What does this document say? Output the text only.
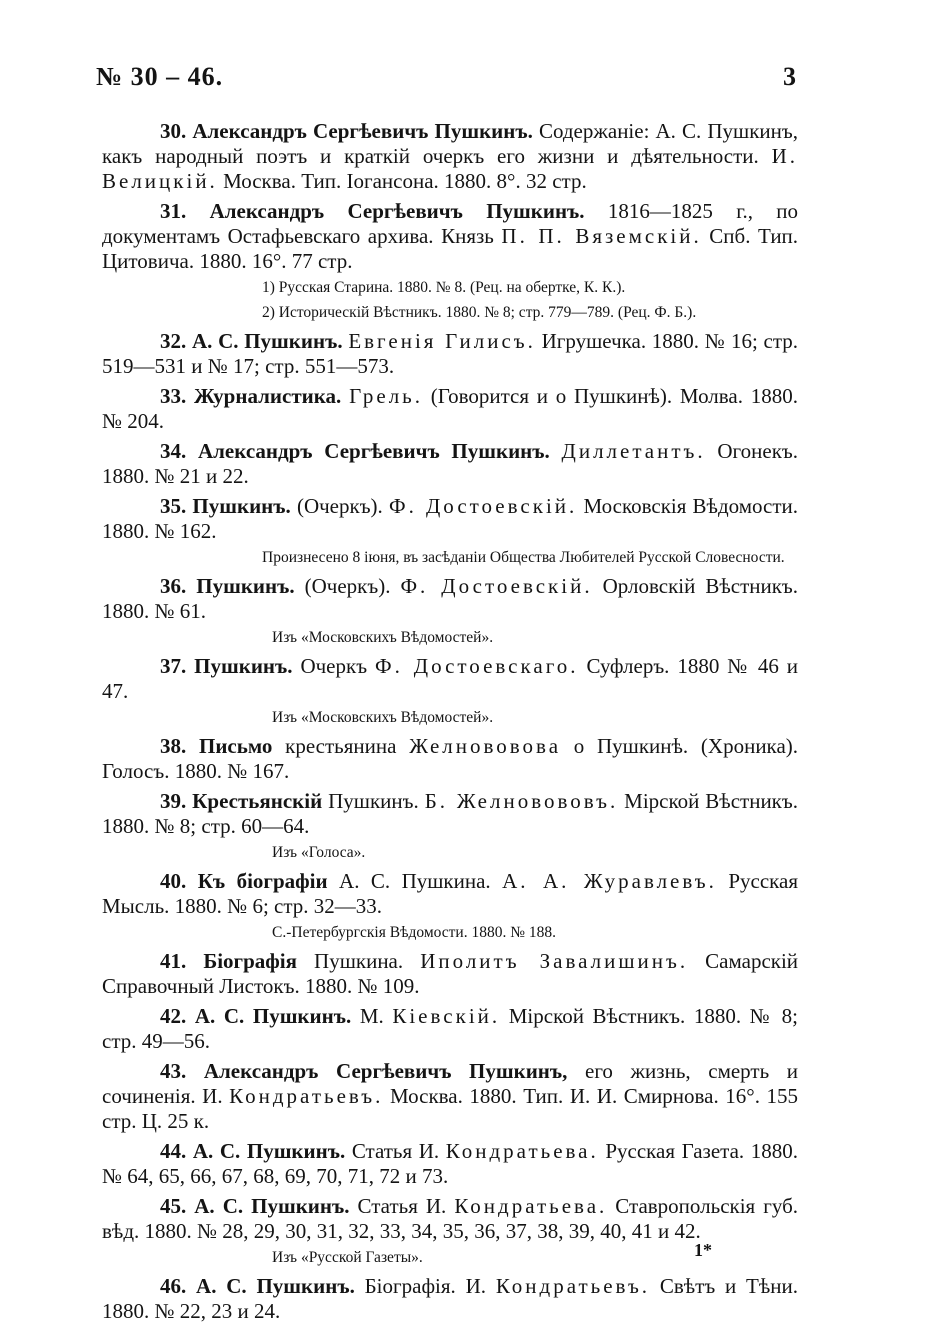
№ 30 – 46.	3

30. Александръ Сергѣевичъ Пушкинъ. Содержаніе: А. С. Пушкинъ, какъ народный поэтъ и краткій очеркъ его жизни и дѣятельности. И. Велицкій. Москва. Тип. Іогансона. 1880. 8°. 32 стр.

31. Александръ Сергѣевичъ Пушкинъ. 1816—1825 г., по документамъ Остафьевскаго архива. Князь П. П. Вяземскій. Спб. Тип. Цитовича. 1880. 16°. 77 стр.

1) Русская Старина. 1880. № 8. (Рец. на обертке, К. К.).
2) Историческій Вѣстникъ. 1880. № 8; стр. 779—789. (Рец. Ф. Б.).

32. А. С. Пушкинъ. Евгенія Гилисъ. Игрушечка. 1880. № 16; стр. 519—531 и № 17; стр. 551—573.

33. Журналистика. Грель. (Говорится и о Пушкинѣ). Молва. 1880. № 204.

34. Александръ Сергѣевичъ Пушкинъ. Диллетантъ. Огонекъ. 1880. № 21 и 22.

35. Пушкинъ. (Очеркъ). Ф. Достоевскій. Московскія Вѣдомости. 1880. № 162.

Произнесено 8 іюня, въ засѣданіи Общества Любителей Русской Словесности.

36. Пушкинъ. (Очеркъ). Ф. Достоевскій. Орловскій Вѣстникъ. 1880. № 61.

Изъ «Московскихъ Вѣдомостей».

37. Пушкинъ. Очеркъ Ф. Достоевскаго. Суфлеръ. 1880 № 46 и 47.

Изъ «Московскихъ Вѣдомостей».

38. Письмо крестьянина Желнововова о Пушкинѣ. (Хроника). Голосъ. 1880. № 167.

39. Крестьянскій Пушкинъ. Б. Желновововъ. Мірской Вѣстникъ. 1880. № 8; стр. 60—64.

Изъ «Голоса».

40. Къ біографіи А. С. Пушкина. А. А. Журавлевъ. Русская Мысль. 1880. № 6; стр. 32—33.

С.-Петербургскія Вѣдомости. 1880. № 188.

41. Біографія Пушкина. Иполитъ Завалишинъ. Самарскій Справочный Листокъ. 1880. № 109.

42. А. С. Пушкинъ. М. Кіевскій. Мірской Вѣстникъ. 1880. № 8; стр. 49—56.

43. Александръ Сергѣевичъ Пушкинъ, его жизнь, смерть и сочиненія. И. Кондратьевъ. Москва. 1880. Тип. И. И. Смирнова. 16°. 155 стр. Ц. 25 к.

44. А. С. Пушкинъ. Статья И. Кондратьева. Русская Газета. 1880. № 64, 65, 66, 67, 68, 69, 70, 71, 72 и 73.

45. А. С. Пушкинъ. Статья И. Кондратьева. Ставропольскія губ. вѣд. 1880. № 28, 29, 30, 31, 32, 33, 34, 35, 36, 37, 38, 39, 40, 41 и 42.

Изъ «Русской Газеты».

46. А. С. Пушкинъ. Біографія. И. Кондратьевъ. Свѣтъ и Тѣни. 1880. № 22, 23 и 24.

1*
